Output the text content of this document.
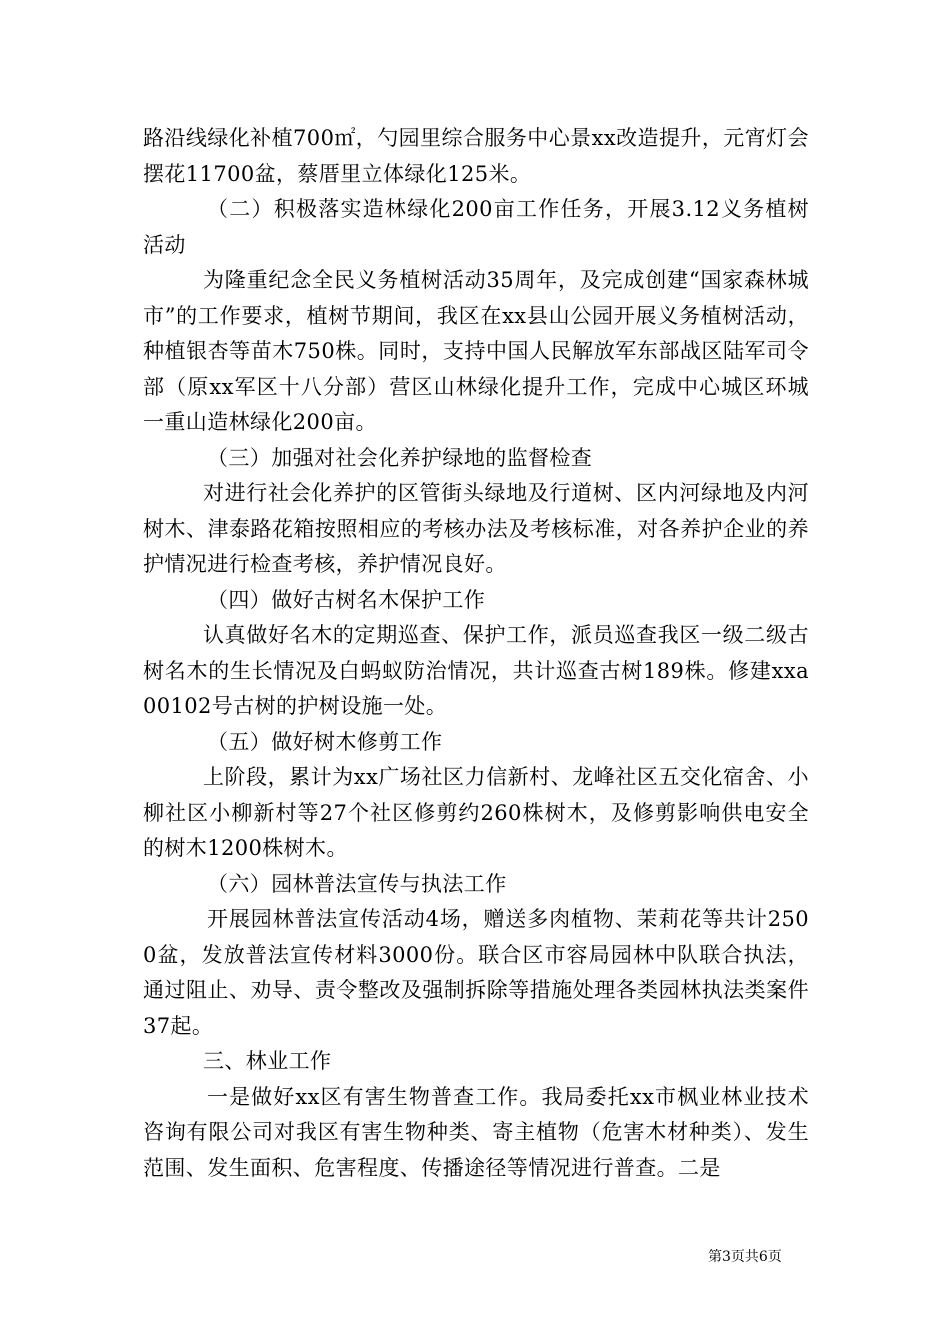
路沿线绿化补植700㎡，勺园里综合服务中心景xx改造提升，元宵灯会摆花11700盆，蔡厝里立体绿化125米。

（二）积极落实造林绿化200亩工作任务，开展3.12义务植树活动

为隆重纪念全民义务植树活动35周年，及完成创建“国家森林城市”的工作要求，植树节期间，我区在xx县山公园开展义务植树活动，种植银杏等苗木750株。同时，支持中国人民解放军东部战区陆军司令部（原xx军区十八分部）营区山林绿化提升工作，完成中心城区环城一重山造林绿化200亩。

（三）加强对社会化养护绿地的监督检查

对进行社会化养护的区管街头绿地及行道树、区内河绿地及内河树木、津泰路花箱按照相应的考核办法及考核标准，对各养护企业的养护情况进行检查考核，养护情况良好。

（四）做好古树名木保护工作

认真做好名木的定期巡查、保护工作，派员巡查我区一级二级古树名木的生长情况及白蚂蚁防治情况，共计巡查古树189株。修建xxa00102号古树的护树设施一处。

（五）做好树木修剪工作

上阶段，累计为xx广场社区力信新村、龙峰社区五交化宿舍、小柳社区小柳新村等27个社区修剪约260株树木，及修剪影响供电安全的树木1200株树木。

（六）园林普法宣传与执法工作

开展园林普法宣传活动4场，赠送多肉植物、茉莉花等共计2500盆，发放普法宣传材料3000份。联合区市容局园林中队联合执法，通过阻止、劝导、责令整改及强制拆除等措施处理各类园林执法类案件37起。

三、林业工作

一是做好xx区有害生物普查工作。我局委托xx市枫业林业技术咨询有限公司对我区有害生物种类、寄主植物（危害木材种类）、发生范围、发生面积、危害程度、传播途径等情况进行普查。二是

第3页共6页
